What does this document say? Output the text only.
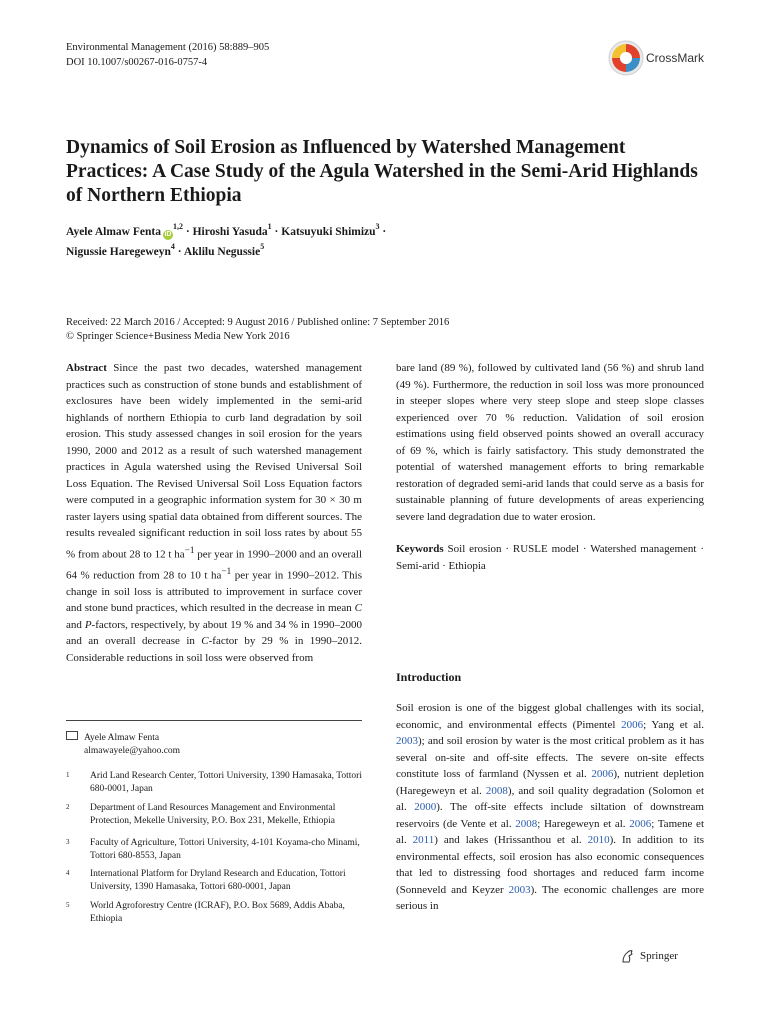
Environmental Management (2016) 58:889–905
DOI 10.1007/s00267-016-0757-4	CrossMark
Dynamics of Soil Erosion as Influenced by Watershed Management Practices: A Case Study of the Agula Watershed in the Semi-Arid Highlands of Northern Ethiopia
Ayele Almaw Fenta iD$^{1,2}$ · Hiroshi Yasuda$^1$ · Katsuyuki Shimizu$^3$ ·
Nigussie Haregeweyn$^4$ · Aklilu Negussie$^5$
Received: 22 March 2016 / Accepted: 9 August 2016 / Published online: 7 September 2016
© Springer Science+Business Media New York 2016

Abstract Since the past two decades, watershed management practices such as construction of stone bunds and establishment of exclosures have been widely implemented in the semi-arid highlands of northern Ethiopia to curb land degradation by soil erosion. This study assessed changes in soil erosion for the years 1990, 2000 and 2012 as a result of such watershed management practices in Agula watershed using the Revised Universal Soil Loss Equation. The Revised Universal Soil Loss Equation factors were computed in a geographic information system for 30 × 30 m raster layers using spatial data obtained from different sources. The results revealed significant reduction in soil loss rates by about 55 % from about 28 to 12 t $ha^{-1}$ per year in 1990–2000 and an overall 64 % reduction from 28 to 10 t $ha^{-1}$ per year in 1990–2012. This change in soil loss is attributed to improvement in surface cover and stone bund practices, which resulted in the decrease in mean C and P-factors, respectively, by about 19 % and 34 % in 1990–2000 and an overall decrease in C-factor by 29 % in 1990–2012. Considerable reductions in soil loss were observed from

bare land (89 %), followed by cultivated land (56 %) and shrub land (49 %). Furthermore, the reduction in soil loss was more pronounced in steeper slopes where very steep slope and steep slope classes experienced over 70 % reduction. Validation of soil erosion estimations using field observed points showed an overall accuracy of 69 %, which is fairly satisfactory. This study demonstrated the potential of watershed management efforts to bring remarkable restoration of degraded semi-arid lands that could serve as a basis for sustainable planning of future developments of areas experiencing severe land degradation due to water erosion.

Keywords Soil erosion · RUSLE model · Watershed management · Semi-arid · Ethiopia

Introduction

Soil erosion is one of the biggest global challenges with its social, economic, and environmental effects (Pimentel 2006; Yang et al. 2003); and soil erosion by water is the most critical problem as it has several on-site and off-site effects. The severe on-site effects constitute loss of farmland (Nyssen et al. 2006), nutrient depletion (Haregeweyn et al. 2008), and soil quality degradation (Solomon et al. 2000). The off-site effects include siltation of downstream reservoirs (de Vente et al. 2008; Haregeweyn et al. 2006; Tamene et al. 2011) and lakes (Hrissanthou et al. 2010). In addition to its environmental effects, soil erosion has also economic consequences that led to distressing food shortages and reduced farm income (Sonneveld and Keyzer 2003). The economic challenges are more serious in

Ayele Almaw Fenta
almawayele@yahoo.com
1	Arid Land Research Center, Tottori University, 1390 Hamasaka, Tottori 680-0001, Japan
2	Department of Land Resources Management and Environmental Protection, Mekelle University, P.O. Box 231, Mekelle, Ethiopia
3	Faculty of Agriculture, Tottori University, 4-101 Koyama-cho Minami, Tottori 680-8553, Japan
4	International Platform for Dryland Research and Education, Tottori University, 1390 Hamasaka, Tottori 680-0001, Japan
5	World Agroforestry Centre (ICRAF), P.O. Box 5689, Addis Ababa, Ethiopia
Springer
